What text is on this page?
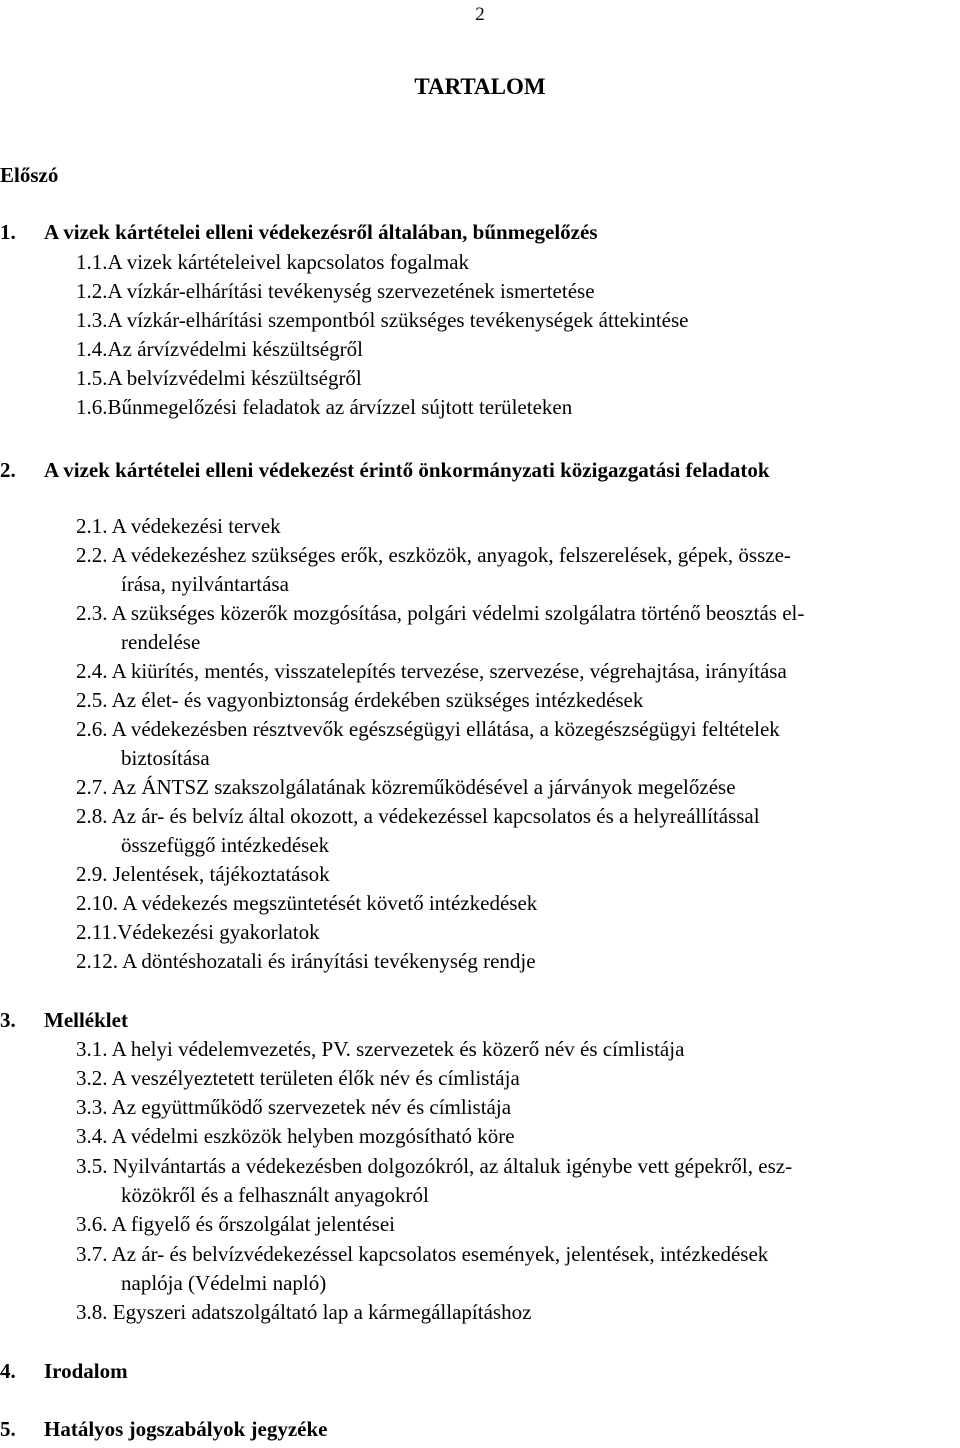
2
TARTALOM
Előszó
1. A vizek kártételei elleni védekezésről általában, bűnmegelőzés
1.1.A vizek kártételeivel kapcsolatos fogalmak
1.2.A vízkár-elhárítási tevékenység szervezetének ismertetése
1.3.A vízkár-elhárítási szempontból szükséges tevékenységek áttekintése
1.4.Az árvízvédelmi készültségről
1.5.A belvízvédelmi készültségről
1.6.Bűnmegelőzési feladatok az árvízzel sújtott területeken
2. A vizek kártételei elleni védekezést érintő önkormányzati közigazgatási feladatok
2.1. A védekezési tervek
2.2. A védekezéshez szükséges erők, eszközök, anyagok, felszerelések, gépek, össze-
írása, nyilvántartása
2.3. A szükséges közerők mozgósítása, polgári védelmi szolgálatra történő beosztás el-
rendelése
2.4. A kiürítés, mentés, visszatelepítés tervezése, szervezése, végrehajtása, irányítása
2.5. Az élet- és vagyonbiztonság érdekében szükséges intézkedések
2.6. A védekezésben résztvevők egészségügyi ellátása, a közegészségügyi feltételek
biztosítása
2.7. Az ÁNTSZ szakszolgálatának közreműködésével a járványok megelőzése
2.8. Az ár- és belvíz által okozott, a védekezéssel kapcsolatos és a helyreállítással
összefüggő intézkedések
2.9. Jelentések, tájékoztatások
2.10. A védekezés megszüntetését követő intézkedések
2.11.Védekezési gyakorlatok
2.12. A döntéshozatali és irányítási tevékenység rendje
3. Melléklet
3.1. A helyi védelemvezetés, PV. szervezetek és közerő név és címlistája
3.2. A veszélyeztetett területen élők név és címlistája
3.3. Az együttműködő szervezetek név és címlistája
3.4. A védelmi eszközök helyben mozgósítható köre
3.5. Nyilvántartás a védekezésben dolgozókról, az általuk igénybe vett gépekről, esz-
közökről és a felhasznált anyagokról
3.6. A figyelő és őrszolgálat jelentései
3.7. Az ár- és belvízvédekezéssel kapcsolatos események, jelentések, intézkedések
naplója (Védelmi napló)
3.8. Egyszeri adatszolgáltató lap a kármegállapításhoz
4. Irodalom
5. Hatályos jogszabályok jegyzéke
